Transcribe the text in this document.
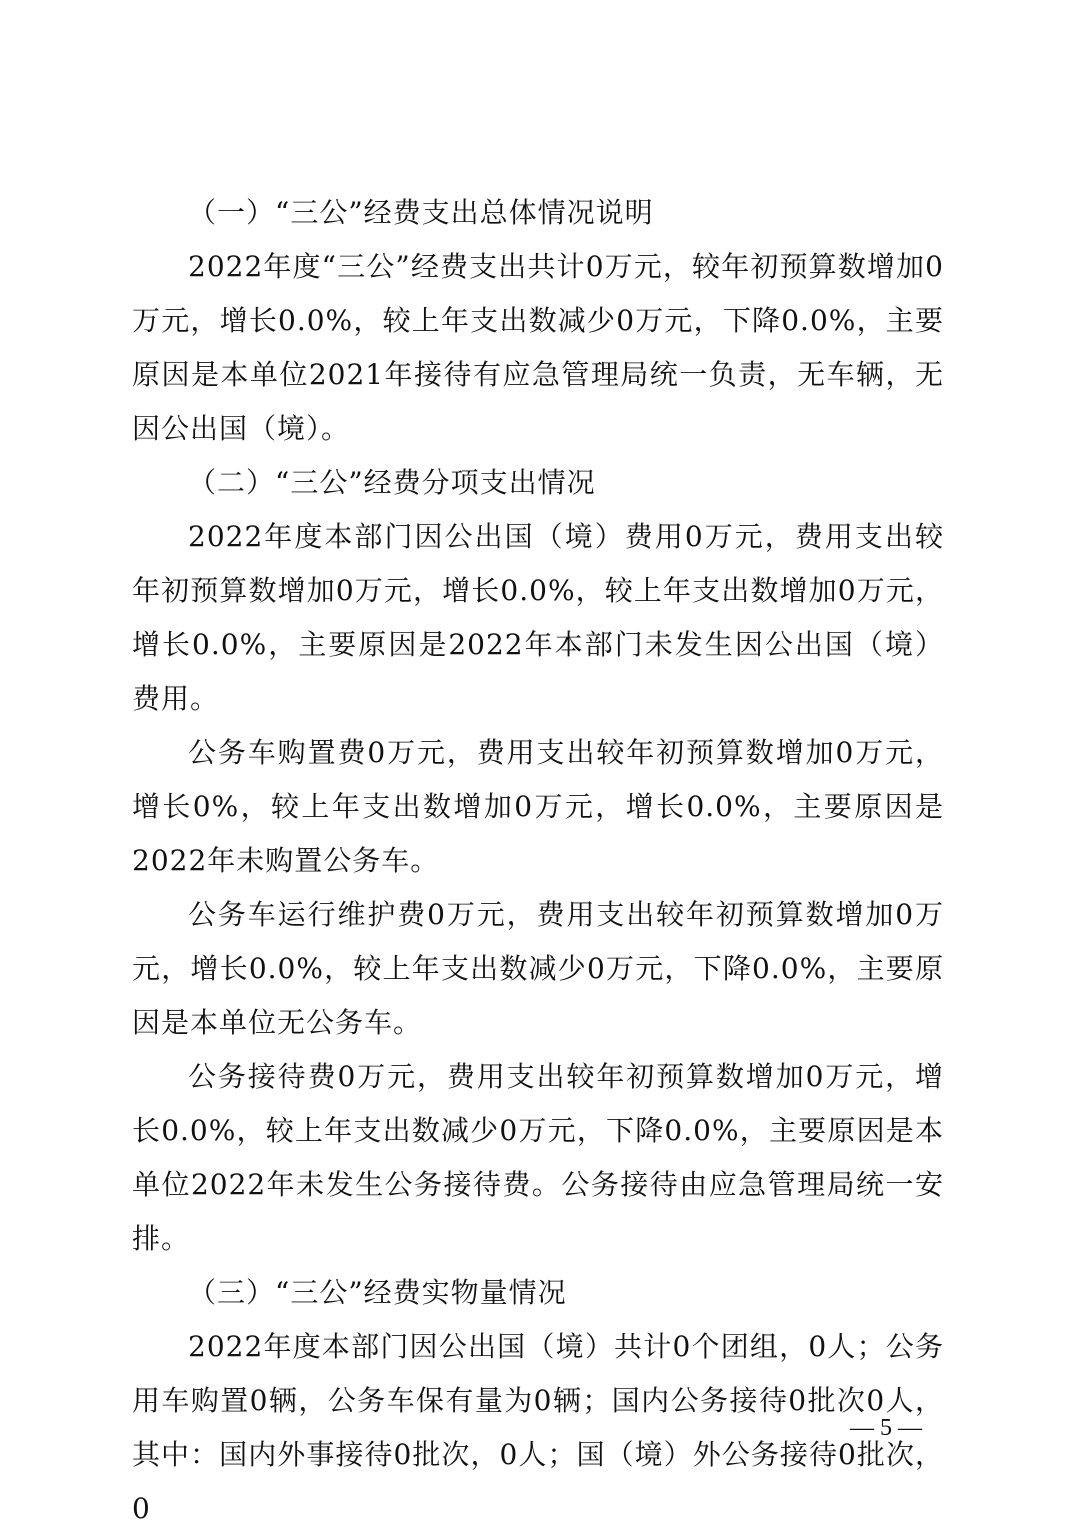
（一）“三公”经费支出总体情况说明

2022年度“三公”经费支出共计0万元，较年初预算数增加0万元，增长0.0%，较上年支出数减少0万元，下降0.0%，主要原因是本单位2021年接待有应急管理局统一负责，无车辆，无因公出国（境）。

（二）“三公”经费分项支出情况

2022年度本部门因公出国（境）费用0万元，费用支出较年初预算数增加0万元，增长0.0%，较上年支出数增加0万元，增长0.0%，主要原因是2022年本部门未发生因公出国（境）费用。

公务车购置费0万元，费用支出较年初预算数增加0万元，增长0%，较上年支出数增加0万元，增长0.0%，主要原因是2022年未购置公务车。

公务车运行维护费0万元，费用支出较年初预算数增加0万元，增长0.0%，较上年支出数减少0万元，下降0.0%，主要原因是本单位无公务车。

公务接待费0万元，费用支出较年初预算数增加0万元，增长0.0%，较上年支出数减少0万元，下降0.0%，主要原因是本单位2022年未发生公务接待费。公务接待由应急管理局统一安排。

（三）“三公”经费实物量情况

2022年度本部门因公出国（境）共计0个团组，0人；公务用车购置0辆，公务车保有量为0辆；国内公务接待0批次0人，其中：国内外事接待0批次，0人；国（境）外公务接待0批次，0

— 5 —
